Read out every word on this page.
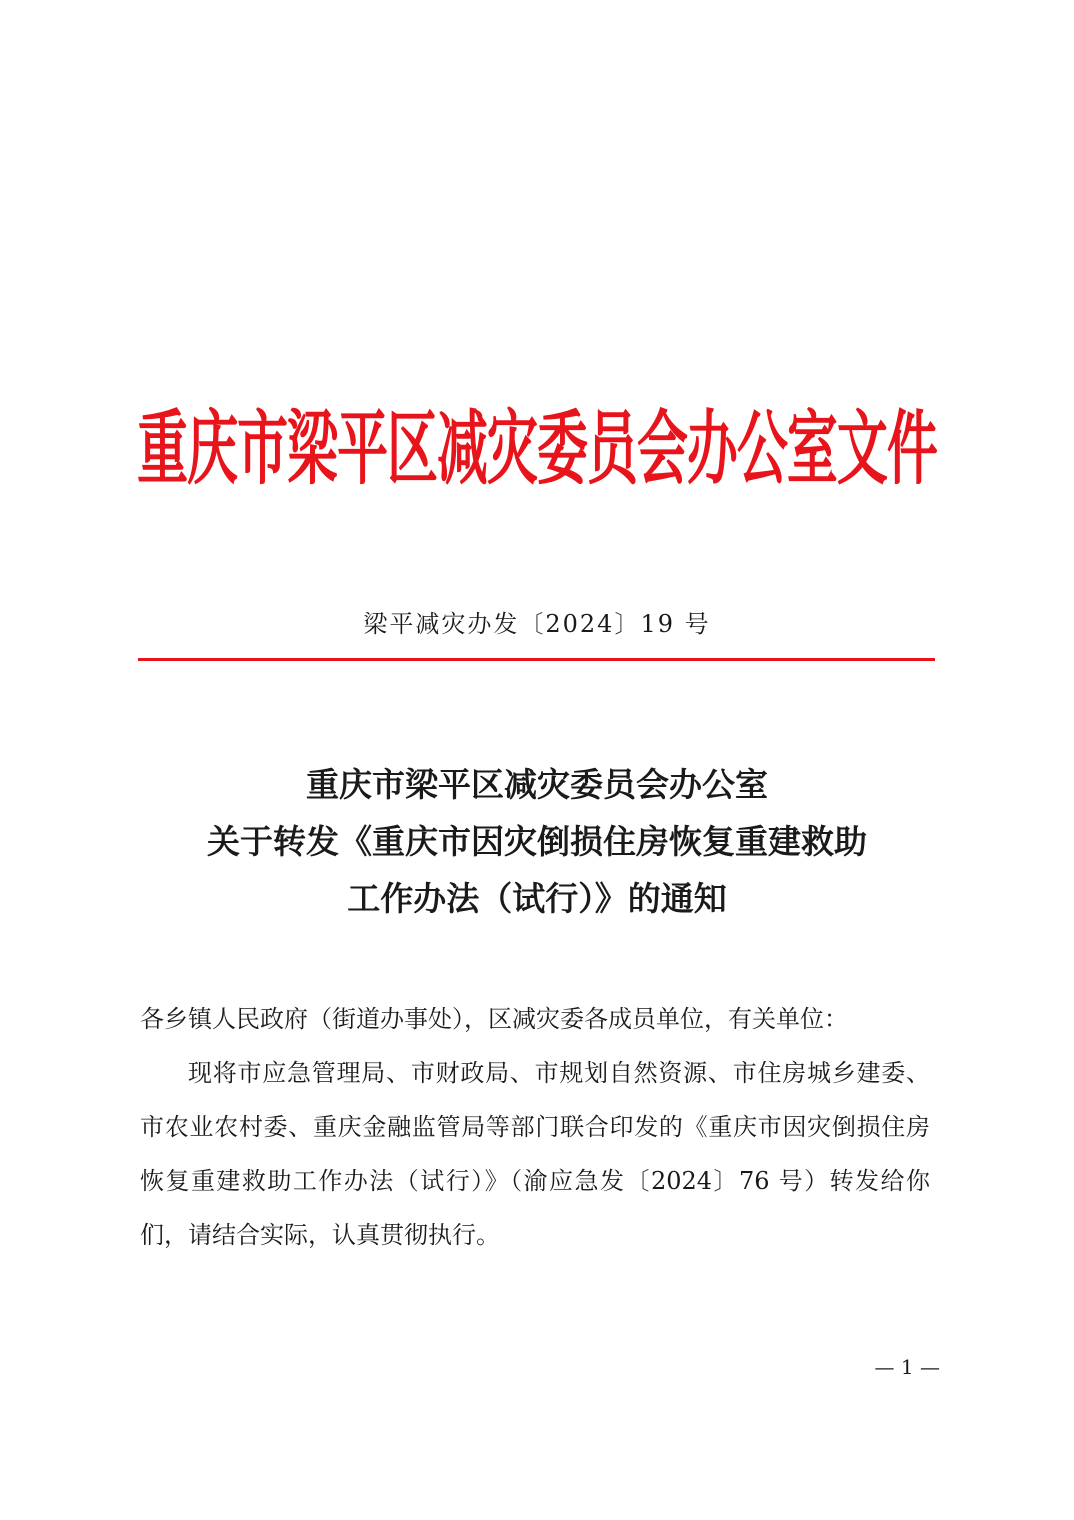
重庆市梁平区减灾委员会办公室文件
梁平减灾办发〔2024〕19 号
重庆市梁平区减灾委员会办公室
关于转发《重庆市因灾倒损住房恢复重建救助
工作办法（试行）》的通知

各乡镇人民政府（街道办事处），区减灾委各成员单位，有关单位：

现将市应急管理局、市财政局、市规划自然资源、市住房城乡建委、市农业农村委、重庆金融监管局等部门联合印发的《重庆市因灾倒损住房恢复重建救助工作办法（试行）》（渝应急发〔2024〕76 号）转发给你们，请结合实际，认真贯彻执行。

— 1 —
